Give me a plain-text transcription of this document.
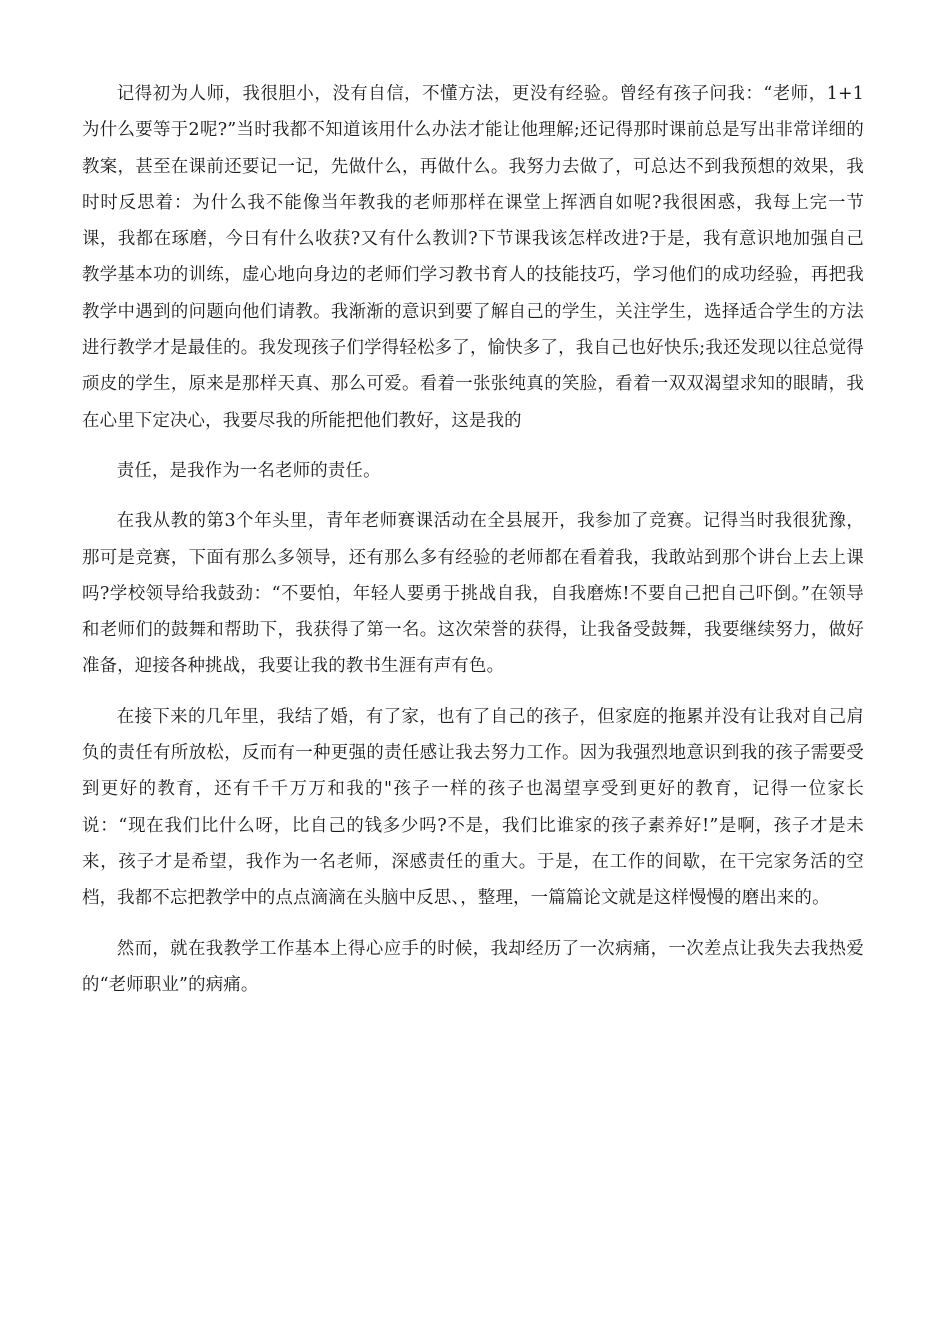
记得初为人师，我很胆小，没有自信，不懂方法，更没有经验。曾经有孩子问我：“老师，1+1为什么要等于2呢?”当时我都不知道该用什么办法才能让他理解;还记得那时课前总是写出非常详细的教案，甚至在课前还要记一记，先做什么，再做什么。我努力去做了，可总达不到我预想的效果，我时时反思着：为什么我不能像当年教我的老师那样在课堂上挥洒自如呢?我很困惑，我每上完一节课，我都在琢磨，今日有什么收获?又有什么教训?下节课我该怎样改进?于是，我有意识地加强自己教学基本功的训练，虚心地向身边的老师们学习教书育人的技能技巧，学习他们的成功经验，再把我教学中遇到的问题向他们请教。我渐渐的意识到要了解自己的学生，关注学生，选择适合学生的方法进行教学才是最佳的。我发现孩子们学得轻松多了，愉快多了，我自己也好快乐;我还发现以往总觉得顽皮的学生，原来是那样天真、那么可爱。看着一张张纯真的笑脸，看着一双双渴望求知的眼睛，我在心里下定决心，我要尽我的所能把他们教好，这是我的

责任，是我作为一名老师的责任。

在我从教的第3个年头里，青年老师赛课活动在全县展开，我参加了竞赛。记得当时我很犹豫，那可是竞赛，下面有那么多领导，还有那么多有经验的老师都在看着我，我敢站到那个讲台上去上课吗?学校领导给我鼓劲：“不要怕，年轻人要勇于挑战自我，自我磨炼!不要自己把自己吓倒。”在领导和老师们的鼓舞和帮助下，我获得了第一名。这次荣誉的获得，让我备受鼓舞，我要继续努力，做好准备，迎接各种挑战，我要让我的教书生涯有声有色。

在接下来的几年里，我结了婚，有了家，也有了自己的孩子，但家庭的拖累并没有让我对自己肩负的责任有所放松，反而有一种更强的责任感让我去努力工作。因为我强烈地意识到我的孩子需要受到更好的教育，还有千千万万和我的"孩子一样的孩子也渴望享受到更好的教育，记得一位家长说：“现在我们比什么呀，比自己的钱多少吗?不是，我们比谁家的孩子素养好!”是啊，孩子才是未来，孩子才是希望，我作为一名老师，深感责任的重大。于是，在工作的间歇，在干完家务活的空档，我都不忘把教学中的点点滴滴在头脑中反思、，整理，一篇篇论文就是这样慢慢的磨出来的。

然而，就在我教学工作基本上得心应手的时候，我却经历了一次病痛，一次差点让我失去我热爱的“老师职业”的病痛。
